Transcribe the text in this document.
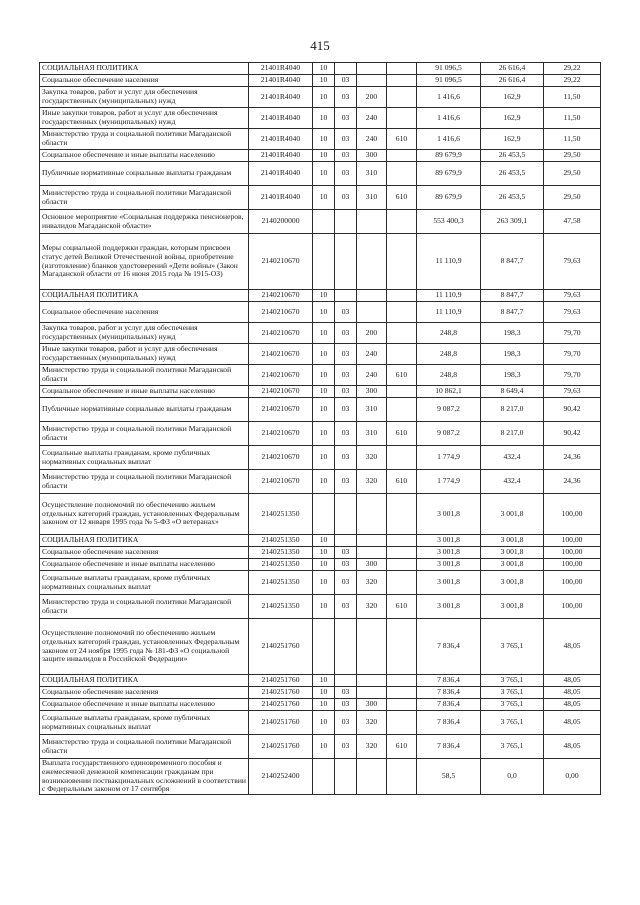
415
СОЦИАЛЬНАЯ ПОЛИТИКА	21401R4040	10				91 096,5	26 616,4	29,22
Социальное обеспечение населения	21401R4040	10	03			91 096,5	26 616,4	29,22
Закупка товаров, работ и услуг для обеспечения государственных (муниципальных) нужд	21401R4040	10	03	200		1 416,6	162,9	11,50
Иные закупки товаров, работ и услуг для обеспечения государственных (муниципальных) нужд	21401R4040	10	03	240		1 416,6	162,9	11,50
Министерство труда и социальной политики Магаданской области	21401R4040	10	03	240	610	1 416,6	162,9	11,50
Социальное обеспечение и иные выплаты населению	21401R4040	10	03	300		89 679,9	26 453,5	29,50
Публичные нормативные социальные выплаты гражданам	21401R4040	10	03	310		89 679,9	26 453,5	29,50
Министерство труда и социальной политики Магаданской области	21401R4040	10	03	310	610	89 679,9	26 453,5	29,50
Основное мероприятие «Социальная поддержка пенсионеров, инвалидов Магаданской области»	2140200000					553 400,3	263 309,1	47,58
Меры социальной поддержки граждан, которым присвоен статус детей Великой Отечественной войны, приобретение (изготовление) бланков удостоверений «Дети войны» (Закон Магаданской области от 16 июня 2015 года № 1915-ОЗ)	2140210670					11 110,9	8 847,7	79,63
СОЦИАЛЬНАЯ ПОЛИТИКА	2140210670	10				11 110,9	8 847,7	79,63
Социальное обеспечение населения	2140210670	10	03			11 110,9	8 847,7	79,63
Закупка товаров, работ и услуг для обеспечения государственных (муниципальных) нужд	2140210670	10	03	200		248,8	198,3	79,70
Иные закупки товаров, работ и услуг для обеспечения государственных (муниципальных) нужд	2140210670	10	03	240		248,8	198,3	79,70
Министерство труда и социальной политики Магаданской области	2140210670	10	03	240	610	248,8	198,3	79,70
Социальное обеспечение и иные выплаты населению	2140210670	10	03	300		10 862,1	8 649,4	79,63
Публичные нормативные социальные выплаты гражданам	2140210670	10	03	310		9 087,2	8 217,0	90,42
Министерство труда и социальной политики Магаданской области	2140210670	10	03	310	610	9 087,2	8 217,0	90,42
Социальные выплаты гражданам, кроме публичных нормативных социальных выплат	2140210670	10	03	320		1 774,9	432,4	24,36
Министерство труда и социальной политики Магаданской области	2140210670	10	03	320	610	1 774,9	432,4	24,36
Осуществление полномочий по обеспечению жильем отдельных категорий граждан, установленных Федеральным законом от 12 января 1995 года № 5-ФЗ «О ветеранах»	2140251350					3 001,8	3 001,8	100,00
СОЦИАЛЬНАЯ ПОЛИТИКА	2140251350	10				3 001,8	3 001,8	100,00
Социальное обеспечение населения	2140251350	10	03			3 001,8	3 001,8	100,00
Социальное обеспечение и иные выплаты населению	2140251350	10	03	300		3 001,8	3 001,8	100,00
Социальные выплаты гражданам, кроме публичных нормативных социальных выплат	2140251350	10	03	320		3 001,8	3 001,8	100,00
Министерство труда и социальной политики Магаданской области	2140251350	10	03	320	610	3 001,8	3 001,8	100,00
Осуществление полномочий по обеспечению жильем отдельных категорий граждан, установленных Федеральным законом от 24 ноября 1995 года № 181-ФЗ «О социальной защите инвалидов в Российской Федерации»	2140251760					7 836,4	3 765,1	48,05
СОЦИАЛЬНАЯ ПОЛИТИКА	2140251760	10				7 836,4	3 765,1	48,05
Социальное обеспечение населения	2140251760	10	03			7 836,4	3 765,1	48,05
Социальное обеспечение и иные выплаты населению	2140251760	10	03	300		7 836,4	3 765,1	48,05
Социальные выплаты гражданам, кроме публичных нормативных социальных выплат	2140251760	10	03	320		7 836,4	3 765,1	48,05
Министерство труда и социальной политики Магаданской области	2140251760	10	03	320	610	7 836,4	3 765,1	48,05
Выплата государственного единовременного пособия и ежемесячной денежной компенсации гражданам при возникновении поствакцинальных осложнений в соответствии с Федеральным законом от 17 сентября	2140252400					58,5	0,0	0,00
